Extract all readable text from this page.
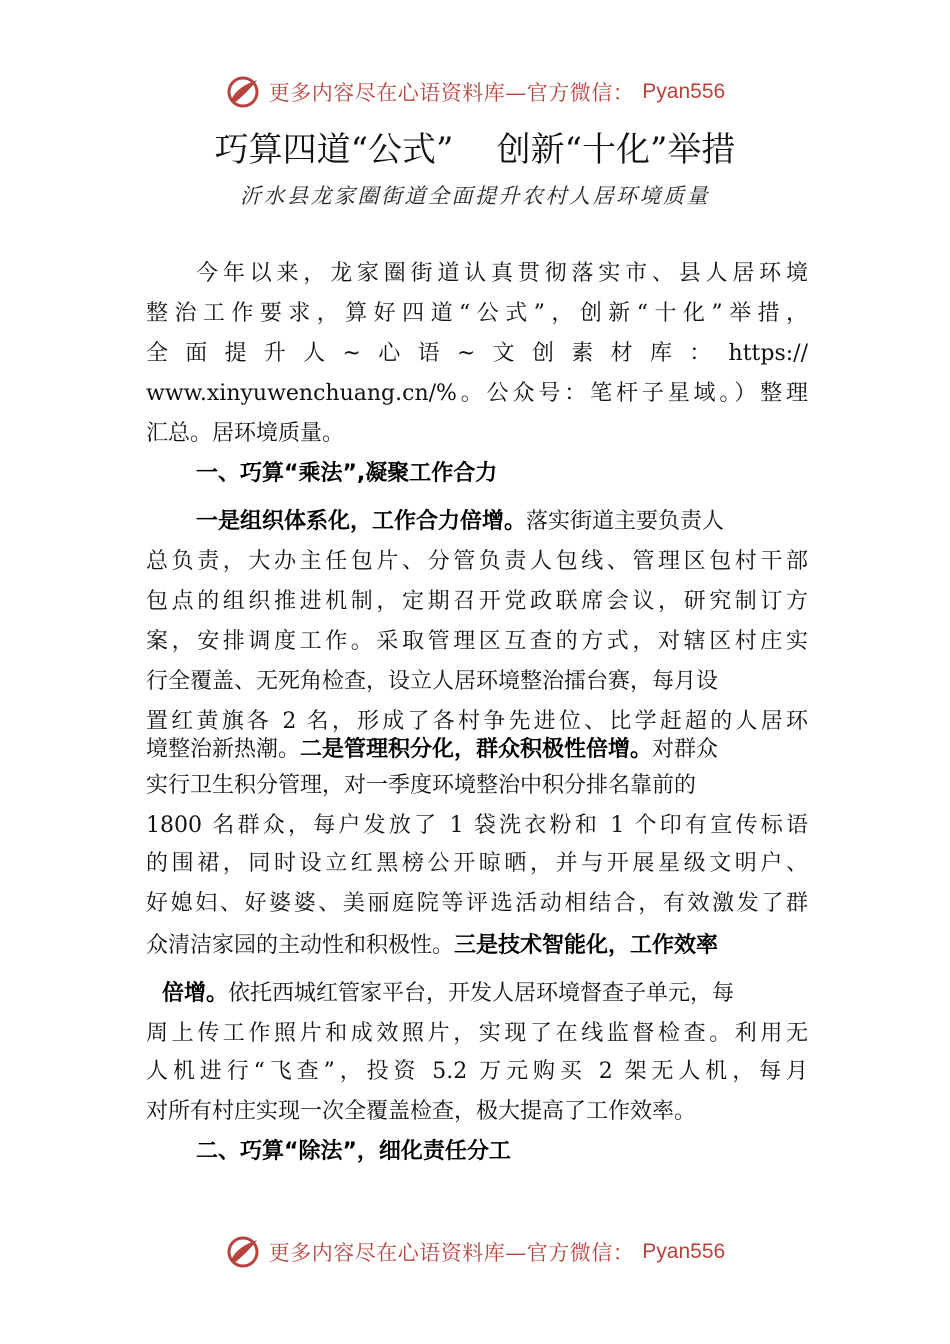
更多内容尽在心语资料库—官方微信： Pyan556
巧算四道“公式”    创新“十化”举措
沂水县龙家圈街道全面提升农村人居环境质量
今年以来，龙家圈街道认真贯彻落实市、县人居环境
整治工作要求，算好四道“公式”，创新“十化”举措，
全面提升人~心语~文创素材库：https://
www.xinyuwenchuang.cn/%。公众号：笔杆子星域。）整理
汇总。居环境质量。
一、巧算“乘法”,凝聚工作合力
一是组织体系化，工作合力倍增。落实街道主要负责人
总负责，大办主任包片、分管负责人包线、管理区包村干部
包点的组织推进机制，定期召开党政联席会议，研究制订方
案，安排调度工作。采取管理区互查的方式，对辖区村庄实
行全覆盖、无死角检查，设立人居环境整治擂台赛，每月设
置红黄旗各 2 名，形成了各村争先进位、比学赶超的人居环
境整治新热潮。二是管理积分化，群众积极性倍增。对群众
实行卫生积分管理，对一季度环境整治中积分排名靠前的
1800 名群众，每户发放了 1 袋洗衣粉和 1 个印有宣传标语
的围裙，同时设立红黑榜公开晾晒，并与开展星级文明户、
好媳妇、好婆婆、美丽庭院等评选活动相结合，有效激发了群
众清洁家园的主动性和积极性。三是技术智能化，工作效率
倍增。依托西城红管家平台，开发人居环境督查子单元，每
周上传工作照片和成效照片，实现了在线监督检查。利用无
人机进行“飞查”，投资 5.2 万元购买 2 架无人机，每月
对所有村庄实现一次全覆盖检查，极大提高了工作效率。
二、巧算“除法”，细化责任分工
更多内容尽在心语资料库—官方微信： Pyan556
